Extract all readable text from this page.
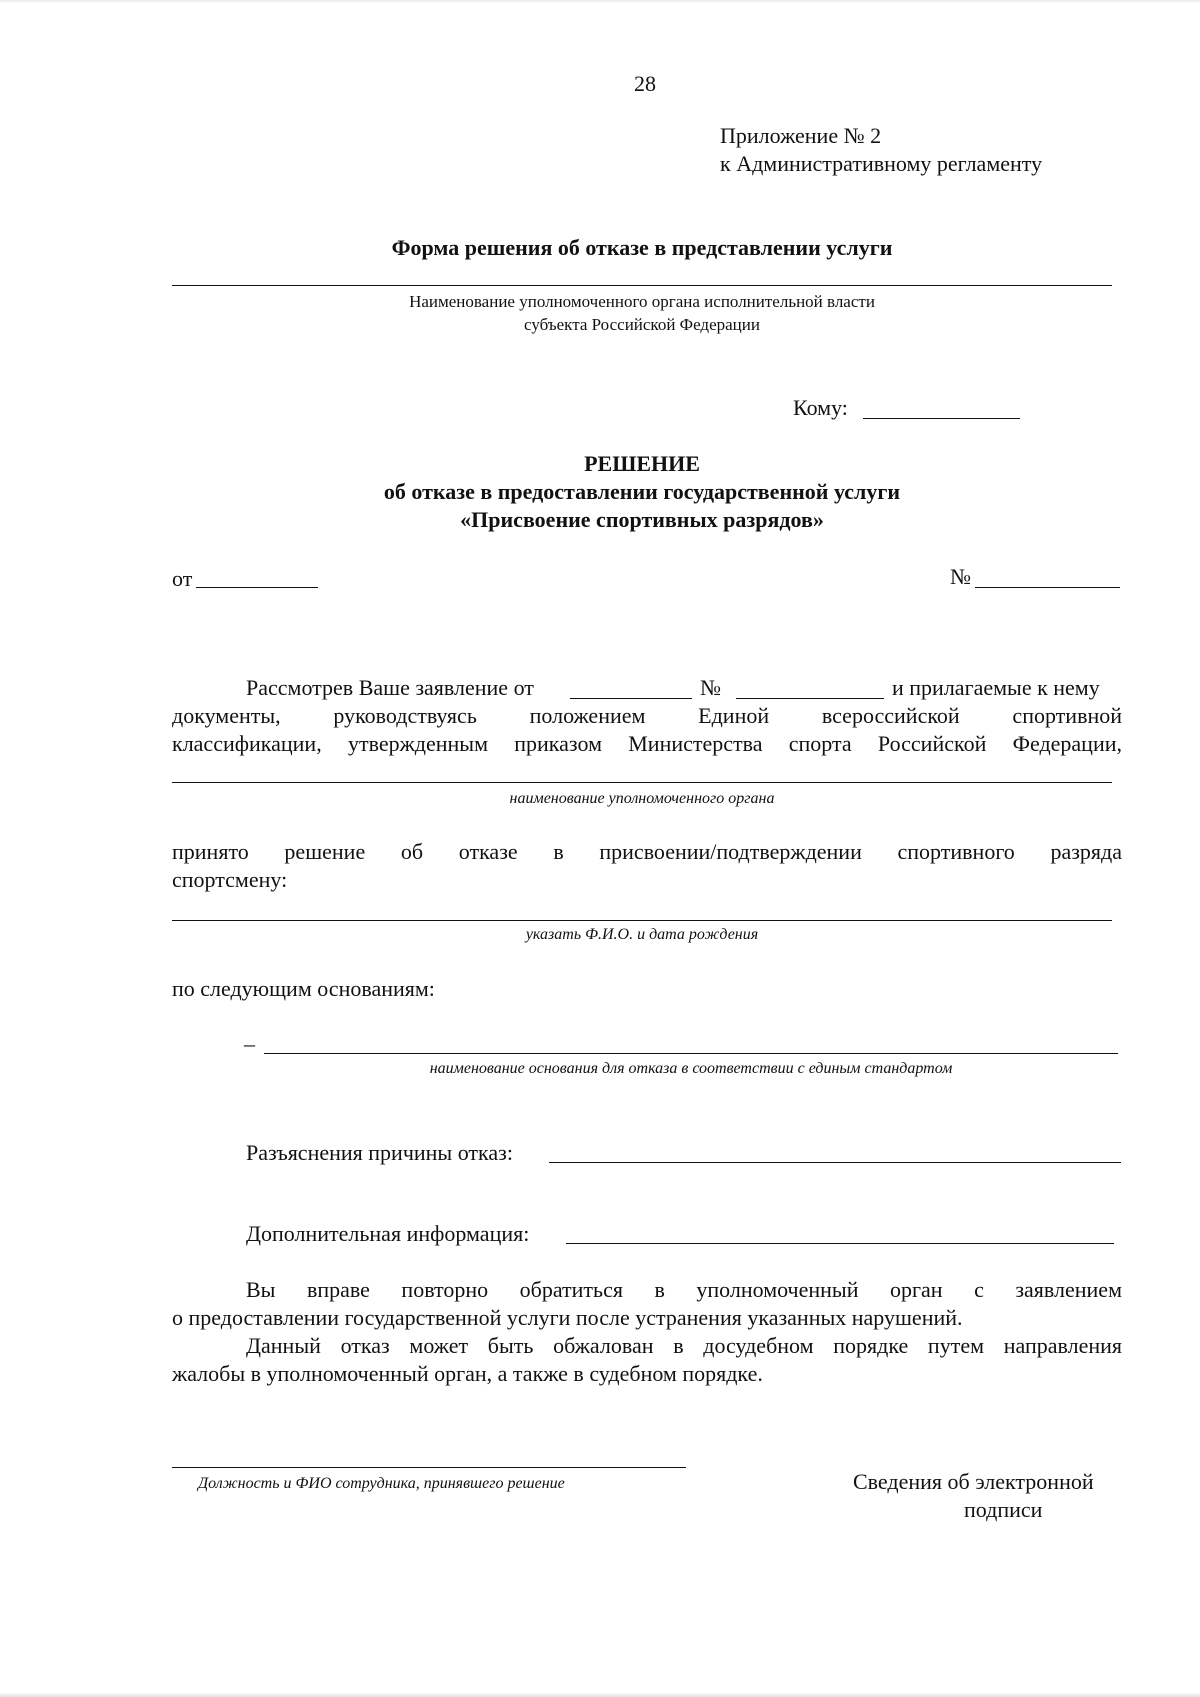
28
Приложение № 2
к Административному регламенту
Форма решения об отказе в представлении услуги
Наименование уполномоченного органа исполнительной власти
субъекта Российской Федерации
Кому:
РЕШЕНИЕ
об отказе в предоставлении государственной услуги
«Присвоение спортивных разрядов»
от	№
Рассмотрев Ваше заявление от	№	и прилагаемые к нему
документы, руководствуясь положением Единой всероссийской спортивной
классификации, утвержденным приказом Министерства спорта Российской Федерации,
наименование уполномоченного органа
принято решение об отказе в присвоении/подтверждении спортивного разряда
спортсмену:
указать Ф.И.О. и дата рождения
по следующим основаниям:
–
наименование основания для отказа в соответствии с единым стандартом
Разъяснения причины отказ:
Дополнительная информация:
Вы вправе повторно обратиться в уполномоченный орган с заявлением
о предоставлении государственной услуги после устранения указанных нарушений.
Данный отказ может быть обжалован в досудебном порядке путем направления
жалобы в уполномоченный орган, а также в судебном порядке.
Должность и ФИО сотрудника, принявшего решение	Сведения об электронной
подписи
